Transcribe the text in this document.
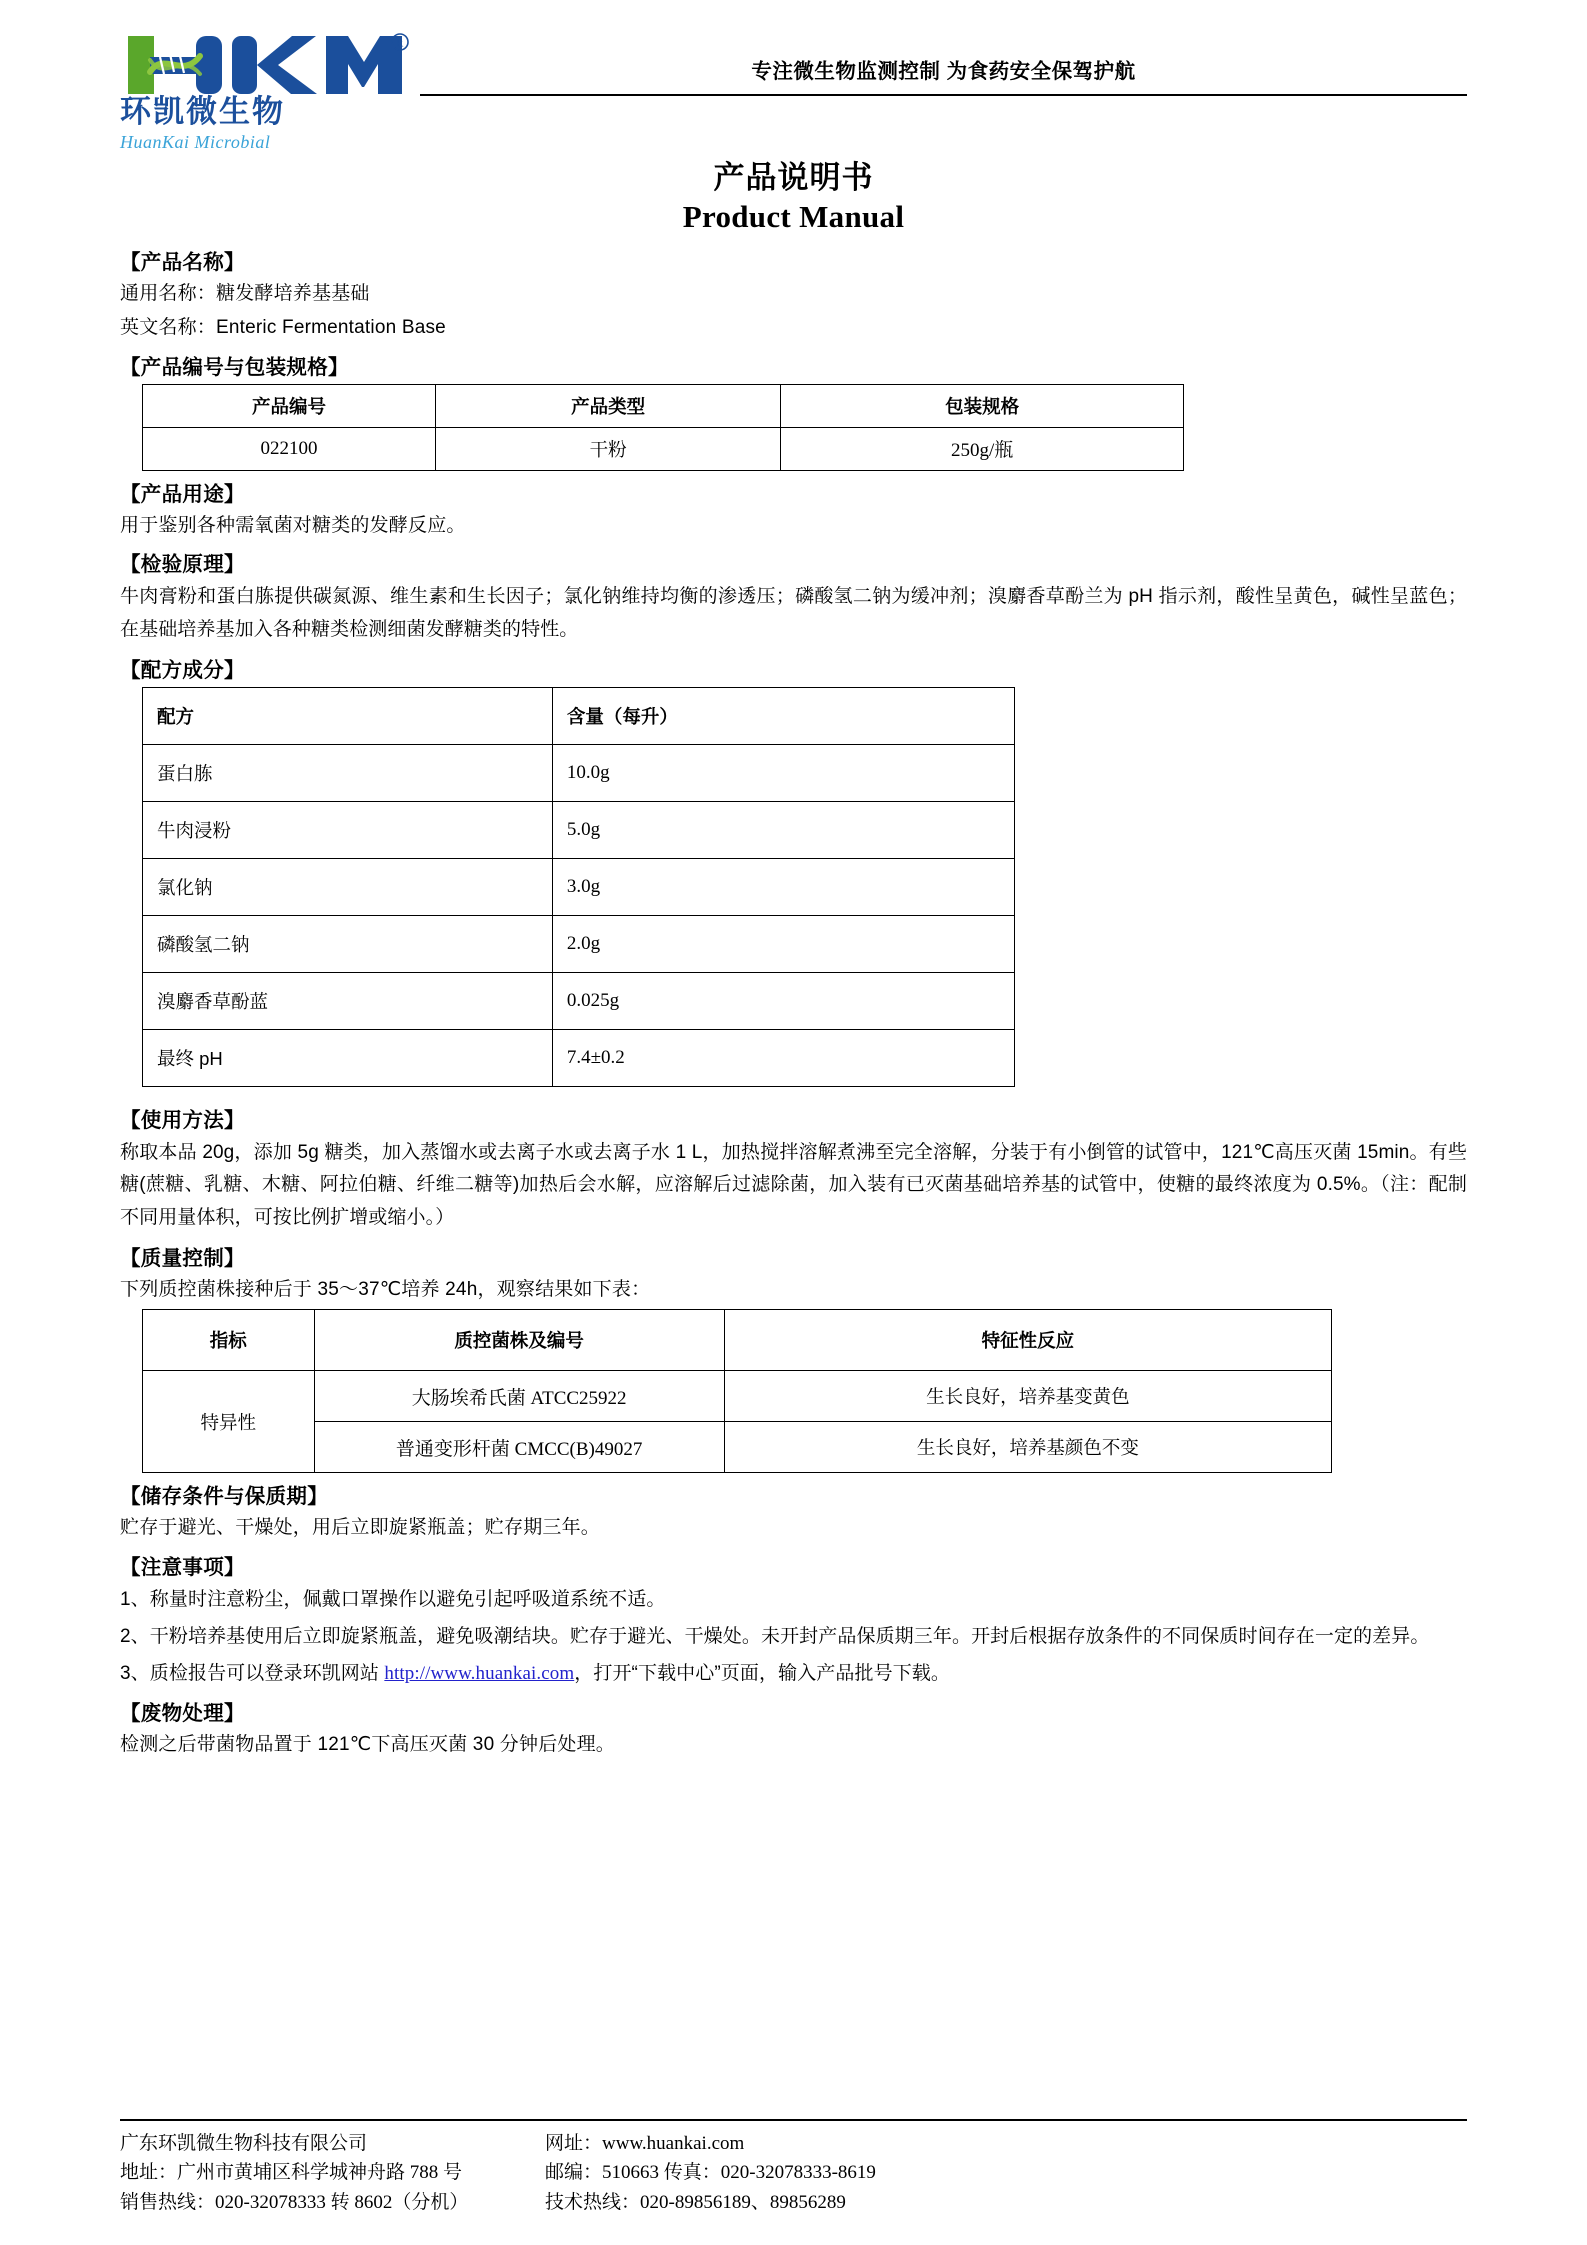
R
环凯微生物
HuanKai Microbial
专注微生物监测控制 为食药安全保驾护航
产品说明书
Product Manual
【产品名称】
通用名称：糖发酵培养基基础
英文名称：Enteric Fermentation Base
【产品编号与包装规格】
产品编号	产品类型	包装规格
022100	干粉	250g/瓶
【产品用途】
用于鉴别各种需氧菌对糖类的发酵反应。
【检验原理】
牛肉膏粉和蛋白胨提供碳氮源、维生素和生长因子；氯化钠维持均衡的渗透压；磷酸氢二钠为缓冲剂；溴麝香草酚兰为 pH 指示剂，酸性呈黄色，碱性呈蓝色；在基础培养基加入各种糖类检测细菌发酵糖类的特性。
【配方成分】
配方	含量（每升）
蛋白胨	10.0g
牛肉浸粉	5.0g
氯化钠	3.0g
磷酸氢二钠	2.0g
溴麝香草酚蓝	0.025g
最终 pH	7.4±0.2
【使用方法】
称取本品 20g，添加 5g 糖类，加入蒸馏水或去离子水或去离子水 1 L，加热搅拌溶解煮沸至完全溶解，分装于有小倒管的试管中，121℃高压灭菌 15min。有些糖(蔗糖、乳糖、木糖、阿拉伯糖、纤维二糖等)加热后会水解，应溶解后过滤除菌，加入装有已灭菌基础培养基的试管中，使糖的最终浓度为 0.5%。（注：配制不同用量体积，可按比例扩增或缩小。）
【质量控制】
下列质控菌株接种后于 35～37℃培养 24h，观察结果如下表：
指标	质控菌株及编号	特征性反应
特异性	大肠埃希氏菌 ATCC25922	生长良好，培养基变黄色
	普通变形杆菌 CMCC(B)49027	生长良好，培养基颜色不变
【储存条件与保质期】
贮存于避光、干燥处，用后立即旋紧瓶盖；贮存期三年。
【注意事项】
1、称量时注意粉尘，佩戴口罩操作以避免引起呼吸道系统不适。
2、干粉培养基使用后立即旋紧瓶盖，避免吸潮结块。贮存于避光、干燥处。未开封产品保质期三年。开封后根据存放条件的不同保质时间存在一定的差异。
3、质检报告可以登录环凯网站 http://www.huankai.com，打开“下载中心”页面，输入产品批号下载。
【废物处理】
检测之后带菌物品置于 121℃下高压灭菌 30 分钟后处理。
广东环凯微生物科技有限公司
地址：广州市黄埔区科学城神舟路 788 号
销售热线：020-32078333 转 8602（分机）
网址：www.huankai.com
邮编：510663 传真：020-32078333-8619
技术热线：020-89856189、89856289
